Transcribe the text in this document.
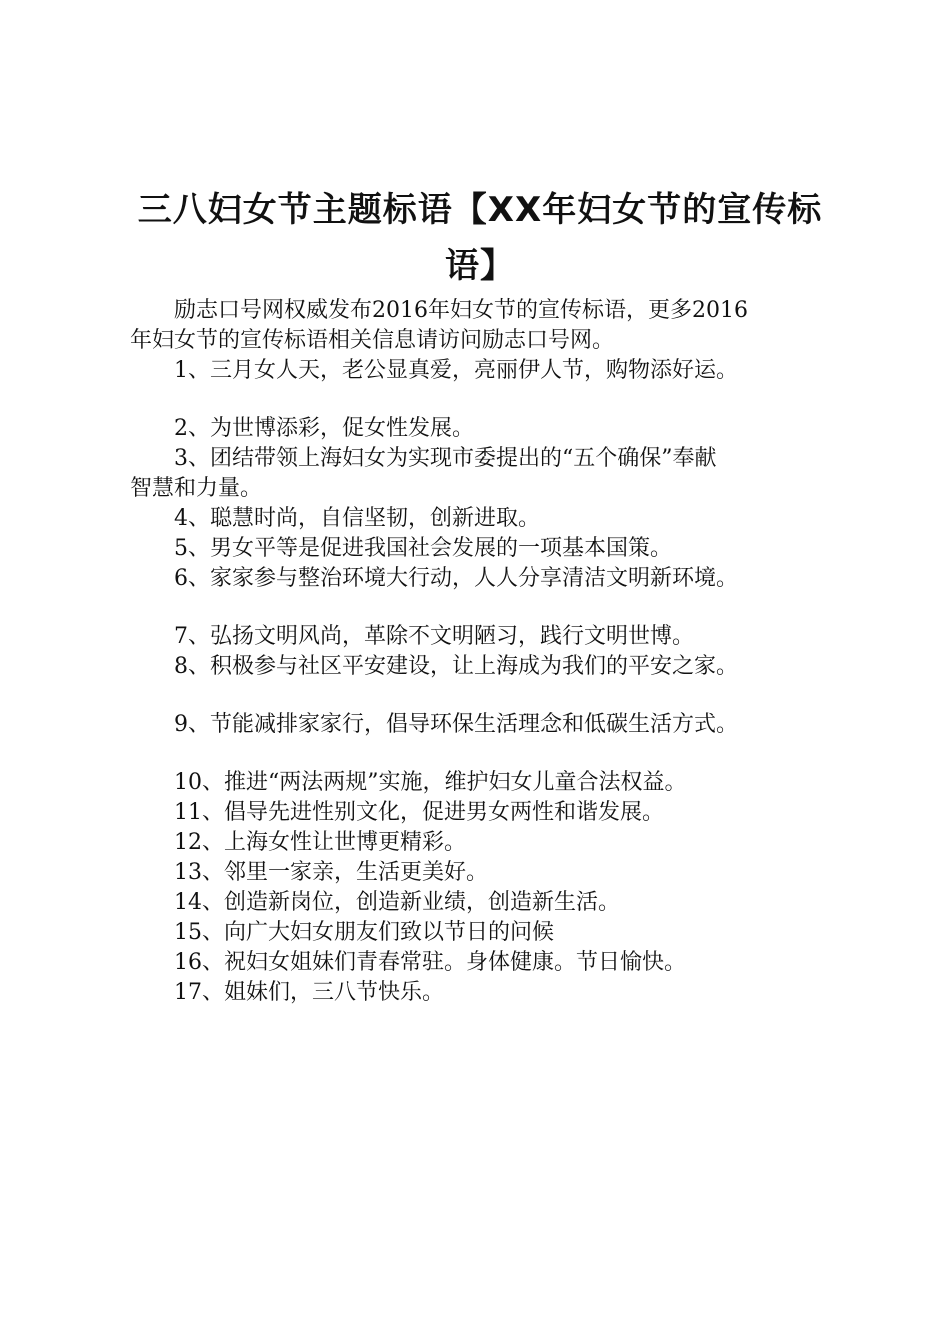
三八妇女节主题标语【XX年妇女节的宣传标
语】

励志口号网权威发布2016年妇女节的宣传标语，更多2016

年妇女节的宣传标语相关信息请访问励志口号网。

1、三月女人天，老公显真爱，亮丽伊人节，购物添好运。

2、为世博添彩，促女性发展。

3、团结带领上海妇女为实现市委提出的“五个确保”奉献

智慧和力量。

4、聪慧时尚，自信坚韧，创新进取。

5、男女平等是促进我国社会发展的一项基本国策。

6、家家参与整治环境大行动，人人分享清洁文明新环境。

7、弘扬文明风尚，革除不文明陋习，践行文明世博。

8、积极参与社区平安建设，让上海成为我们的平安之家。

9、节能减排家家行，倡导环保生活理念和低碳生活方式。

10、推进“两法两规”实施，维护妇女儿童合法权益。

11、倡导先进性别文化，促进男女两性和谐发展。

12、上海女性让世博更精彩。

13、邻里一家亲，生活更美好。

14、创造新岗位，创造新业绩，创造新生活。

15、向广大妇女朋友们致以节日的问候

16、祝妇女姐妹们青春常驻。身体健康。节日愉快。

17、姐妹们，三八节快乐。
